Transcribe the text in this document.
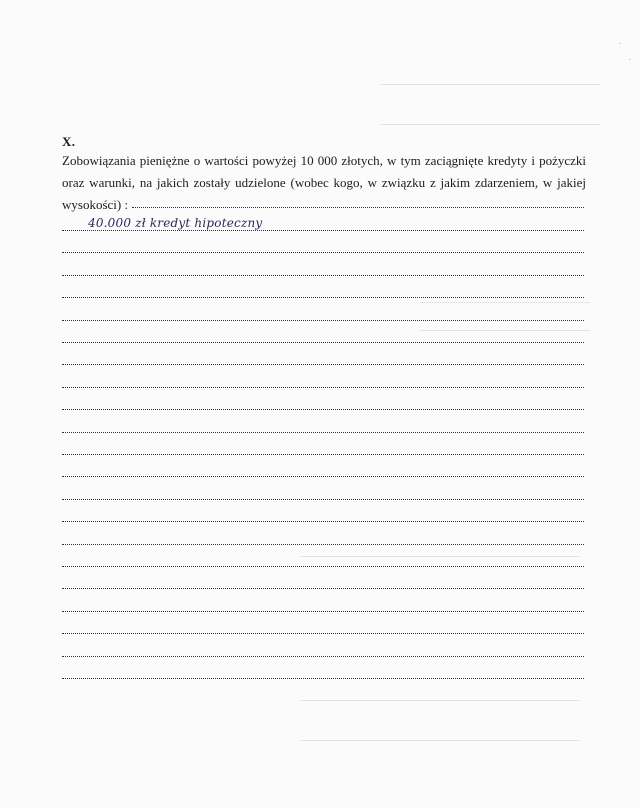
·
·
X.
Zobowiązania pieniężne o wartości powyżej 10 000 złotych, w tym zaciągnięte kredyty i pożyczki oraz warunki, na jakich zostały udzielone (wobec kogo, w związku z jakim zdarzeniem, w jakiej wysokości) :
40.000 zł kredyt hipoteczny
